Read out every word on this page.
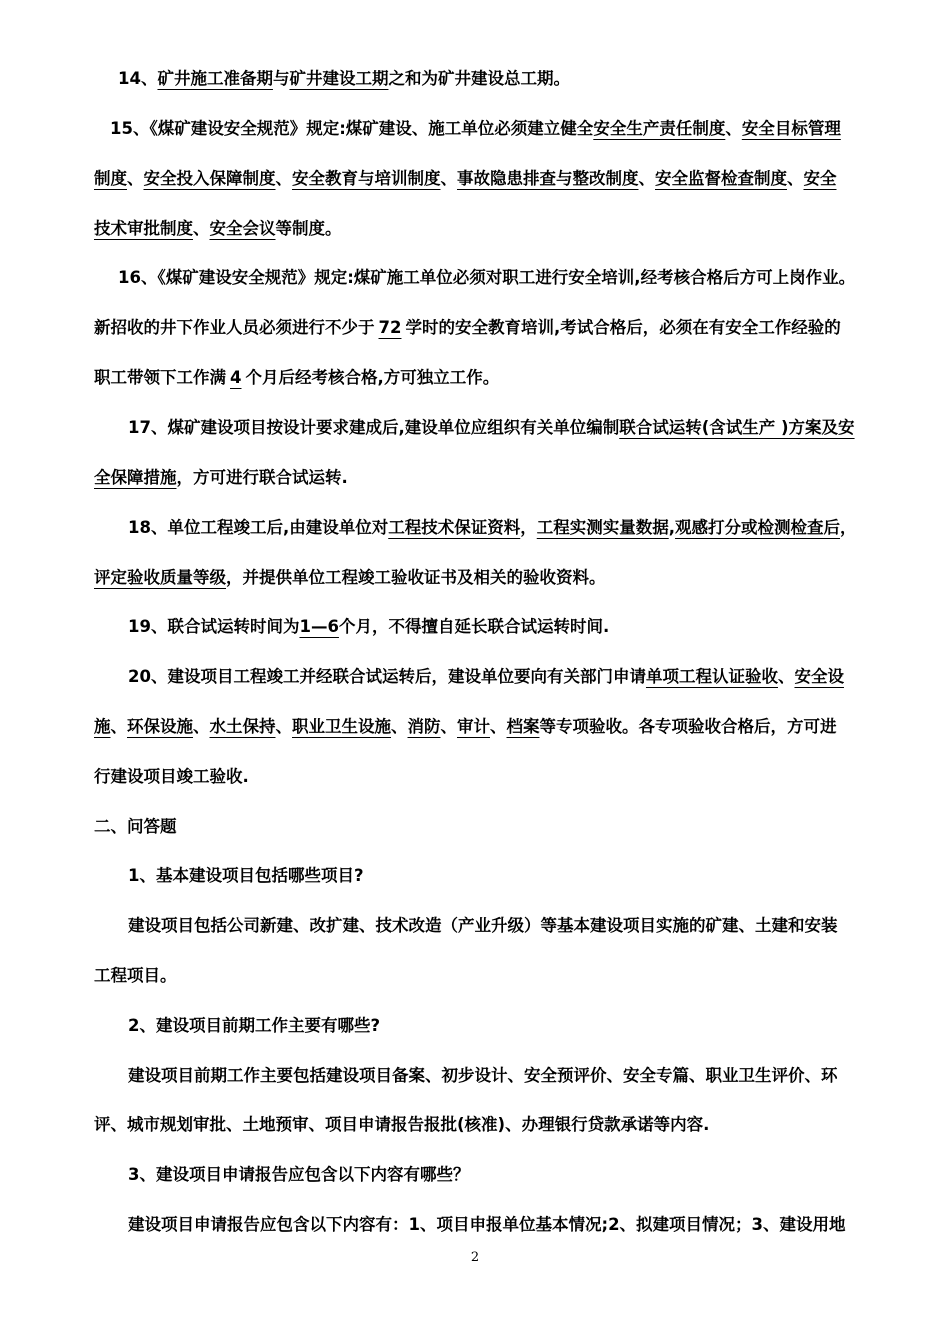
14、矿井施工准备期与矿井建设工期之和为矿井建设总工期。
15、《煤矿建设安全规范》规定:煤矿建设、施工单位必须建立健全安全生产责任制度、安全目标管理
制度、安全投入保障制度、安全教育与培训制度、事故隐患排查与整改制度、安全监督检查制度、安全
技术审批制度、安全会议等制度。
16、《煤矿建设安全规范》规定:煤矿施工单位必须对职工进行安全培训,经考核合格后方可上岗作业。
新招收的井下作业人员必须进行不少于 72 学时的安全教育培训,考试合格后，必须在有安全工作经验的
职工带领下工作满 4 个月后经考核合格,方可独立工作。
17、煤矿建设项目按设计要求建成后,建设单位应组织有关单位编制联合试运转(含试生产 )方案及安
全保障措施，方可进行联合试运转.
18、单位工程竣工后,由建设单位对工程技术保证资料，工程实测实量数据,观感打分或检测检查后，
评定验收质量等级，并提供单位工程竣工验收证书及相关的验收资料。
19、联合试运转时间为1—6个月，不得擅自延长联合试运转时间.
20、建设项目工程竣工并经联合试运转后，建设单位要向有关部门申请单项工程认证验收、安全设
施、环保设施、水土保持、职业卫生设施、消防、审计、档案等专项验收。各专项验收合格后，方可进
行建设项目竣工验收.
二、问答题
1、基本建设项目包括哪些项目?
建设项目包括公司新建、改扩建、技术改造（产业升级）等基本建设项目实施的矿建、土建和安装
工程项目。
2、建设项目前期工作主要有哪些?
建设项目前期工作主要包括建设项目备案、初步设计、安全预评价、安全专篇、职业卫生评价、环
评、城市规划审批、土地预审、项目申请报告报批(核准)、办理银行贷款承诺等内容.
3、建设项目申请报告应包含以下内容有哪些？
建设项目申请报告应包含以下内容有：1、项目申报单位基本情况;2、拟建项目情况；3、建设用地
2
